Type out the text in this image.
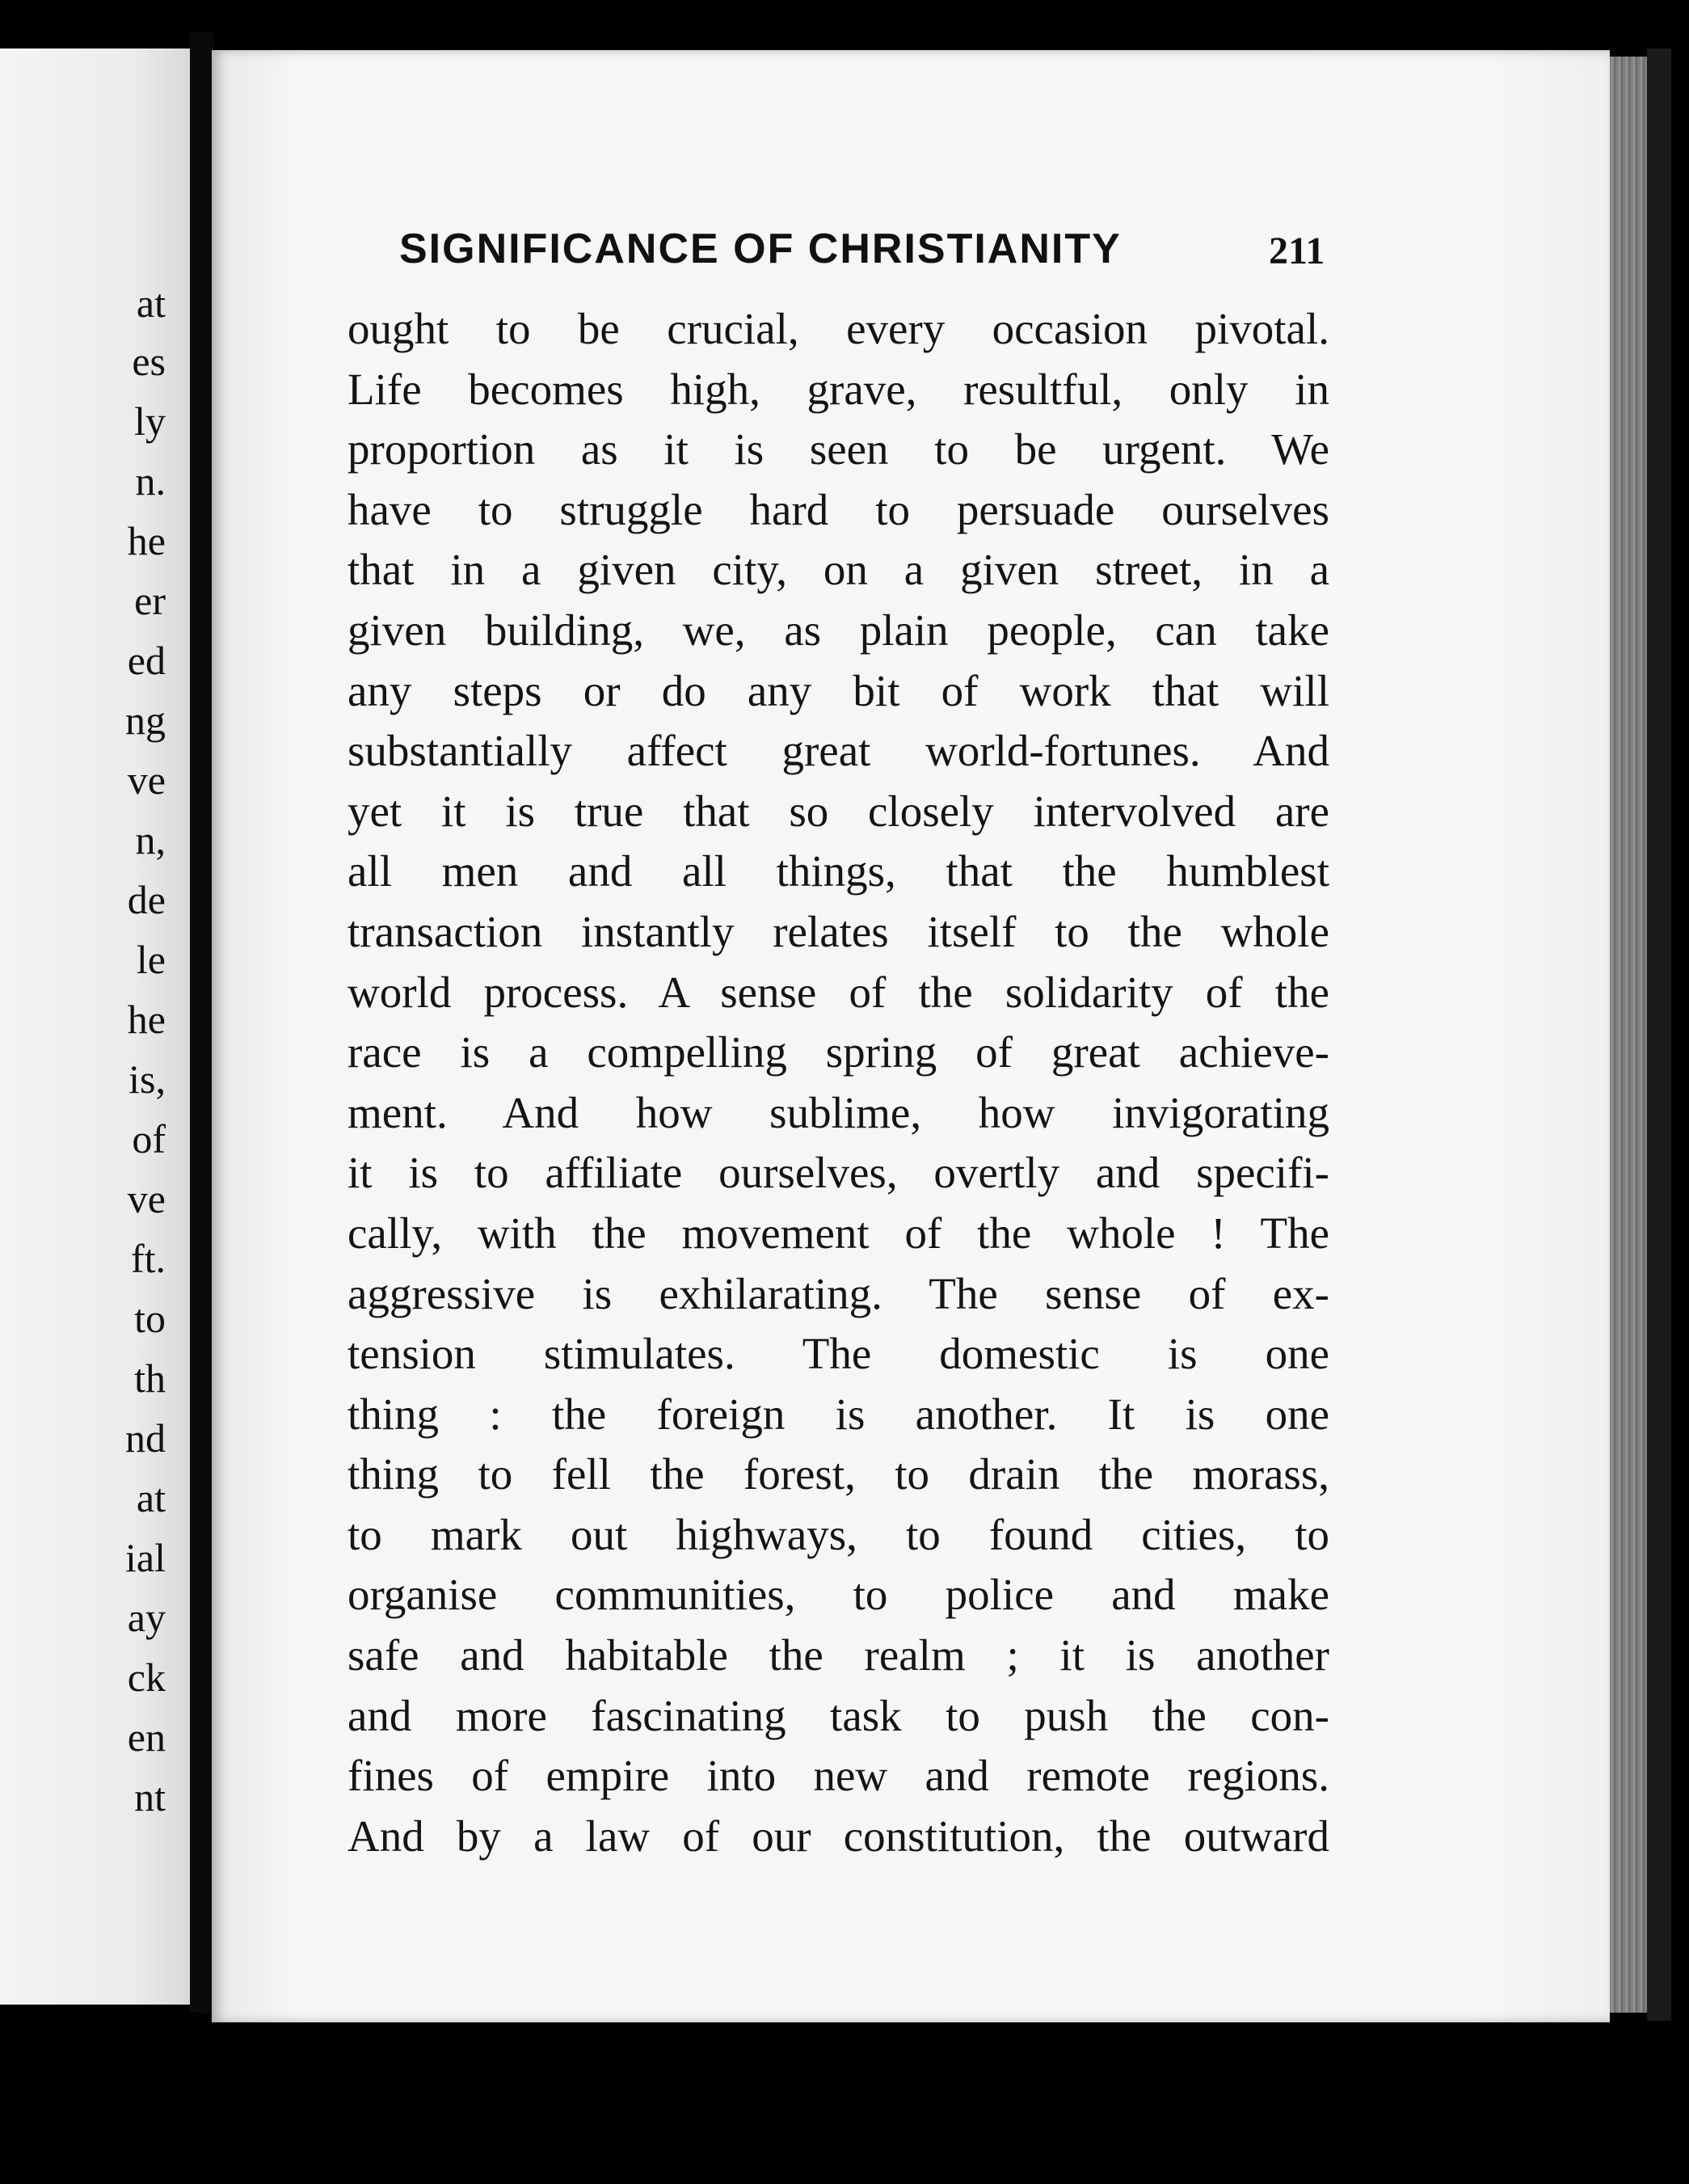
at
es
ly
n.
he
er
ed
ng
ve
n,
de
le
he
is,
of
ve
ft.
to
th
nd
at
ial
ay
ck
en
nt
SIGNIFICANCE OF CHRISTIANITY	211
ought to be crucial, every occasion pivotal.
Life becomes high, grave, resultful, only in
proportion as it is seen to be urgent. We
have to struggle hard to persuade ourselves
that in a given city, on a given street, in a
given building, we, as plain people, can take
any steps or do any bit of work that will
substantially affect great world-fortunes. And
yet it is true that so closely intervolved are
all men and all things, that the humblest
transaction instantly relates itself to the whole
world process. A sense of the solidarity of the
race is a compelling spring of great achieve-
ment. And how sublime, how invigorating
it is to affiliate ourselves, overtly and specifi-
cally, with the movement of the whole ! The
aggressive is exhilarating. The sense of ex-
tension stimulates. The domestic is one
thing : the foreign is another. It is one
thing to fell the forest, to drain the morass,
to mark out highways, to found cities, to
organise communities, to police and make
safe and habitable the realm ; it is another
and more fascinating task to push the con-
fines of empire into new and remote regions.
And by a law of our constitution, the outward
